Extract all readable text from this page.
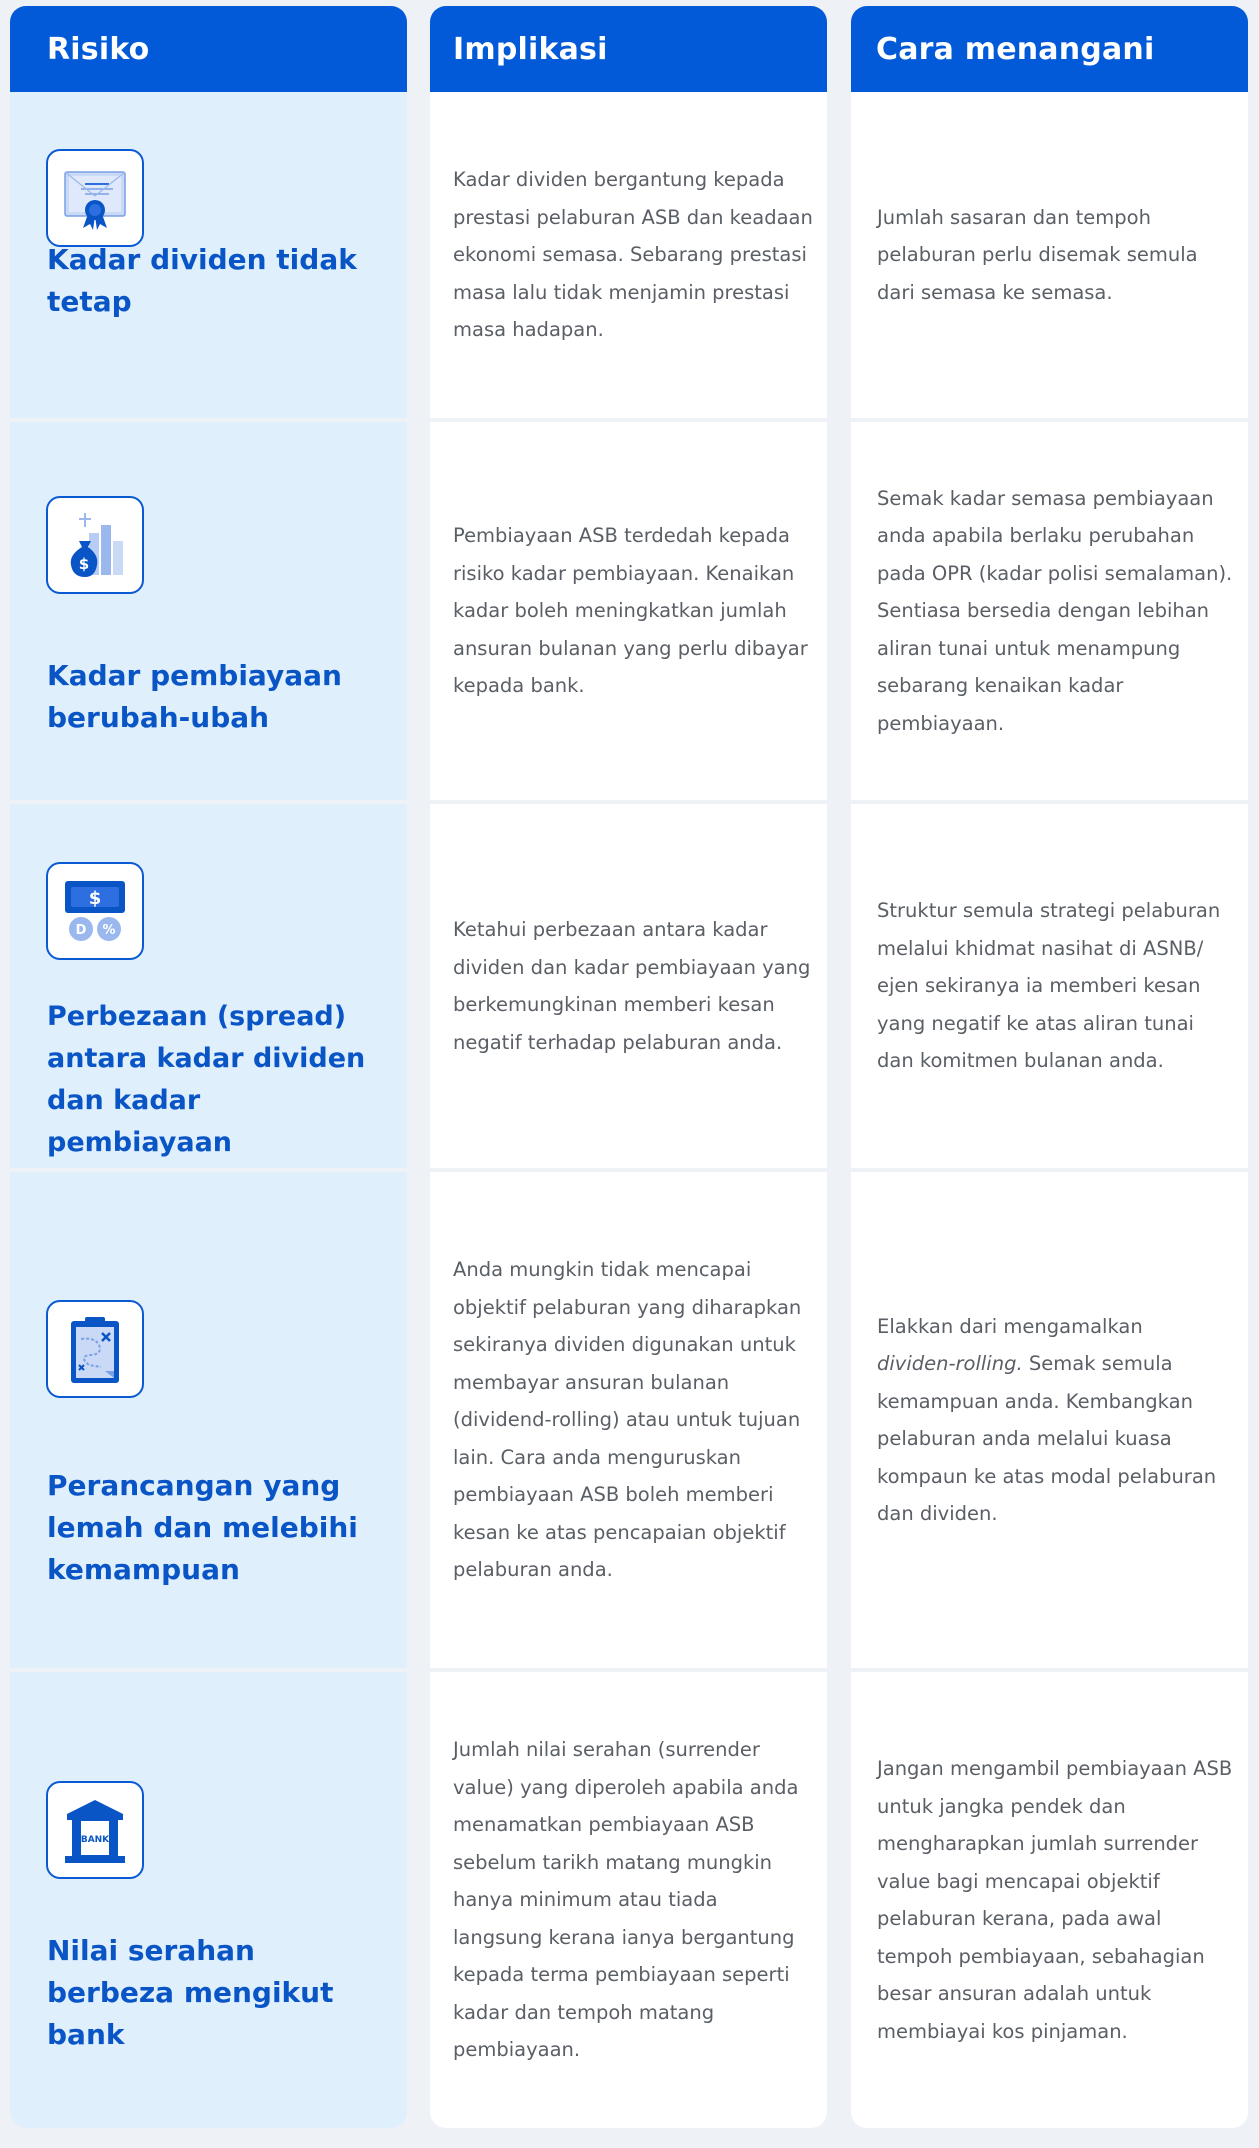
Risiko
Kadar dividen tidak tetap
$
Kadar pembiayaan berubah-ubah
$
D %
Perbezaan (spread) antara kadar dividen dan kadar pembiayaan
Perancangan yang lemah dan melebihi kemampuan
BANK
Nilai serahan berbeza mengikut bank
Implikasi
Kadar dividen bergantung kepada prestasi pelaburan ASB dan keadaan ekonomi semasa. Sebarang prestasi masa lalu tidak menjamin prestasi masa hadapan.
Pembiayaan ASB terdedah kepada risiko kadar pembiayaan. Kenaikan kadar boleh meningkatkan jumlah ansuran bulanan yang perlu dibayar kepada bank.
Ketahui perbezaan antara kadar dividen dan kadar pembiayaan yang berkemungkinan memberi kesan negatif terhadap pelaburan anda.
Anda mungkin tidak mencapai objektif pelaburan yang diharapkan sekiranya dividen digunakan untuk membayar ansuran bulanan (dividend-rolling) atau untuk tujuan lain. Cara anda menguruskan pembiayaan ASB boleh memberi kesan ke atas pencapaian objektif pelaburan anda.
Jumlah nilai serahan (surrender value) yang diperoleh apabila anda menamatkan pembiayaan ASB sebelum tarikh matang mungkin hanya minimum atau tiada langsung kerana ianya bergantung kepada terma pembiayaan seperti kadar dan tempoh matang pembiayaan.
Cara menangani
Jumlah sasaran dan tempoh pelaburan perlu disemak semula dari semasa ke semasa.
Semak kadar semasa pembiayaan anda apabila berlaku perubahan pada OPR (kadar polisi semalaman). Sentiasa bersedia dengan lebihan aliran tunai untuk menampung sebarang kenaikan kadar pembiayaan.
Struktur semula strategi pelaburan melalui khidmat nasihat di ASNB/ ejen sekiranya ia memberi kesan yang negatif ke atas aliran tunai dan komitmen bulanan anda.
Elakkan dari mengamalkan
dividen-rolling. Semak semula kemampuan anda. Kembangkan pelaburan anda melalui kuasa kompaun ke atas modal pelaburan dan dividen.
Jangan mengambil pembiayaan ASB untuk jangka pendek dan mengharapkan jumlah surrender value bagi mencapai objektif pelaburan kerana, pada awal tempoh pembiayaan, sebahagian besar ansuran adalah untuk membiayai kos pinjaman.
